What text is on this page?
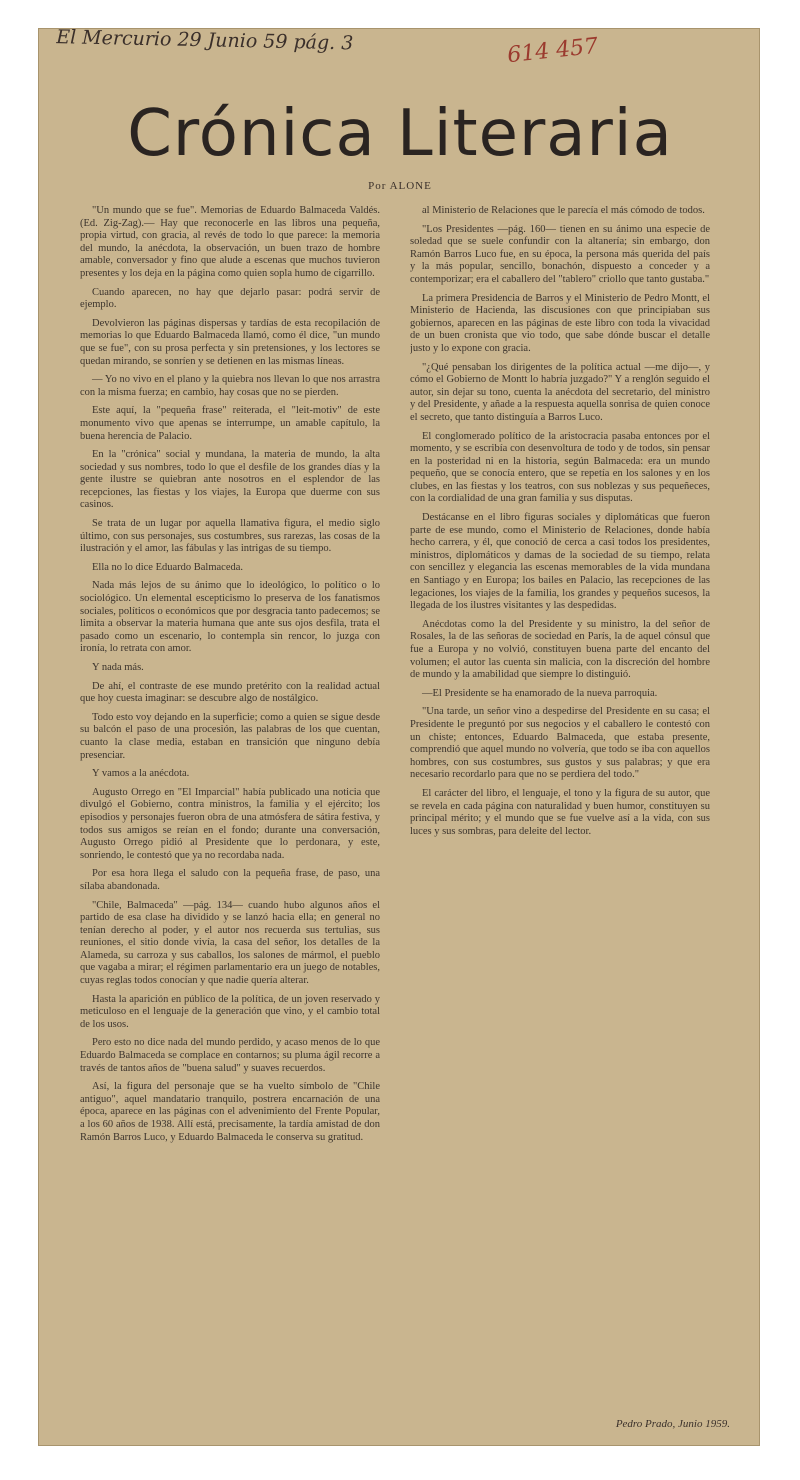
El Mercurio 29 Junio 59 pág. 3	614 457
Crónica Literaria
Por ALONE

"Un mundo que se fue". Memorias de Eduardo Balmaceda Valdés. (Ed. Zig-Zag).— Hay que reconocerle en las libros una pequeña, propia virtud, con gracia, al revés de todo lo que parece: la memoria del mundo, la anécdota, la observación, un buen trazo de hombre amable, conversador y fino que alude a escenas que muchos tuvieron presentes y los deja en la página como quien sopla humo de cigarrillo.

Cuando aparecen, no hay que dejarlo pasar: podrá servir de ejemplo.

Devolvieron las páginas dispersas y tardías de esta recopilación de memorias lo que Eduardo Balmaceda llamó, como él dice, "un mundo que se fue", con su prosa perfecta y sin pretensiones, y los lectores se quedan mirando, se sonríen y se detienen en las mismas líneas.

— Yo no vivo en el plano y la quiebra nos llevan lo que nos arrastra con la misma fuerza; en cambio, hay cosas que no se pierden.

Este aquí, la "pequeña frase" reiterada, el "leit-motiv" de este monumento vivo que apenas se interrumpe, un amable capítulo, la buena herencia de Palacio.

En la "crónica" social y mundana, la materia de mundo, la alta sociedad y sus nombres, todo lo que el desfile de los grandes días y la gente ilustre se quiebran ante nosotros en el esplendor de las recepciones, las fiestas y los viajes, la Europa que duerme con sus casinos.

Se trata de un lugar por aquella llamativa figura, el medio siglo último, con sus personajes, sus costumbres, sus rarezas, las cosas de la ilustración y el amor, las fábulas y las intrigas de su tiempo.

Ella no lo dice Eduardo Balmaceda.

Nada más lejos de su ánimo que lo ideológico, lo político o lo sociológico. Un elemental escepticismo lo preserva de los fanatismos sociales, políticos o económicos que por desgracia tanto padecemos; se limita a observar la materia humana que ante sus ojos desfila, trata el pasado como un escenario, lo contempla sin rencor, lo juzga con ironía, lo retrata con amor.

Y nada más.

De ahí, el contraste de ese mundo pretérito con la realidad actual que hoy cuesta imaginar: se descubre algo de nostálgico.

Todo esto voy dejando en la superficie; como a quien se sigue desde su balcón el paso de una procesión, las palabras de los que cuentan, cuanto la clase media, estaban en transición que ninguno debía presenciar.

Y vamos a la anécdota.

Augusto Orrego en "El Imparcial" había publicado una noticia que divulgó el Gobierno, contra ministros, la familia y el ejército; los episodios y personajes fueron obra de una atmósfera de sátira festiva, y todos sus amigos se reían en el fondo; durante una conversación, Augusto Orrego pidió al Presidente que lo perdonara, y este, sonriendo, le contestó que ya no recordaba nada.

Por esa hora llega el saludo con la pequeña frase, de paso, una sílaba abandonada.

"Chile, Balmaceda" —pág. 134— cuando hubo algunos años el partido de esa clase ha dividido y se lanzó hacia ella; en general no tenían derecho al poder, y el autor nos recuerda sus tertulias, sus reuniones, el sitio donde vivía, la casa del señor, los detalles de la Alameda, su carroza y sus caballos, los salones de mármol, el pueblo que vagaba a mirar; el régimen parlamentario era un juego de notables, cuyas reglas todos conocían y que nadie quería alterar.

Hasta la aparición en público de la política, de un joven reservado y meticuloso en el lenguaje de la generación que vino, y el cambio total de los usos.

Pero esto no dice nada del mundo perdido, y acaso menos de lo que Eduardo Balmaceda se complace en contarnos; su pluma ágil recorre a través de tantos años de "buena salud" y suaves recuerdos.

Así, la figura del personaje que se ha vuelto símbolo de "Chile antiguo", aquel mandatario tranquilo, postrera encarnación de una época, aparece en las páginas con el advenimiento del Frente Popular, a los 60 años de 1938. Allí está, precisamente, la tardía amistad de don Ramón Barros Luco, y Eduardo Balmaceda le conserva su gratitud.

al Ministerio de Relaciones que le parecía el más cómodo de todos.

"Los Presidentes —pág. 160— tienen en su ánimo una especie de soledad que se suele confundir con la altanería; sin embargo, don Ramón Barros Luco fue, en su época, la persona más querida del país y la más popular, sencillo, bonachón, dispuesto a conceder y a contemporizar; era el caballero del "tablero" criollo que tanto gustaba."

La primera Presidencia de Barros y el Ministerio de Pedro Montt, el Ministerio de Hacienda, las discusiones con que principiaban sus gobiernos, aparecen en las páginas de este libro con toda la vivacidad de un buen cronista que vio todo, que sabe dónde buscar el detalle justo y lo expone con gracia.

"¿Qué pensaban los dirigentes de la política actual —me dijo—, y cómo el Gobierno de Montt lo habría juzgado?" Y a renglón seguido el autor, sin dejar su tono, cuenta la anécdota del secretario, del ministro y del Presidente, y añade a la respuesta aquella sonrisa de quien conoce el secreto, que tanto distinguía a Barros Luco.

El conglomerado político de la aristocracia pasaba entonces por el momento, y se escribía con desenvoltura de todo y de todos, sin pensar en la posteridad ni en la historia, según Balmaceda: era un mundo pequeño, que se conocía entero, que se repetía en los salones y en los clubes, en las fiestas y los teatros, con sus noblezas y sus pequeñeces, con la cordialidad de una gran familia y sus disputas.

Destácanse en el libro figuras sociales y diplomáticas que fueron parte de ese mundo, como el Ministerio de Relaciones, donde había hecho carrera, y él, que conoció de cerca a casi todos los presidentes, ministros, diplomáticos y damas de la sociedad de su tiempo, relata con sencillez y elegancia las escenas memorables de la vida mundana en Santiago y en Europa; los bailes en Palacio, las recepciones de las legaciones, los viajes de la familia, los grandes y pequeños sucesos, la llegada de los ilustres visitantes y las despedidas.

Anécdotas como la del Presidente y su ministro, la del señor de Rosales, la de las señoras de sociedad en París, la de aquel cónsul que fue a Europa y no volvió, constituyen buena parte del encanto del volumen; el autor las cuenta sin malicia, con la discreción del hombre de mundo y la amabilidad que siempre lo distinguió.

—El Presidente se ha enamorado de la nueva parroquia.

"Una tarde, un señor vino a despedirse del Presidente en su casa; el Presidente le preguntó por sus negocios y el caballero le contestó con un chiste; entonces, Eduardo Balmaceda, que estaba presente, comprendió que aquel mundo no volvería, que todo se iba con aquellos hombres, con sus costumbres, sus gustos y sus palabras; y que era necesario recordarlo para que no se perdiera del todo."

El carácter del libro, el lenguaje, el tono y la figura de su autor, que se revela en cada página con naturalidad y buen humor, constituyen su principal mérito; y el mundo que se fue vuelve así a la vida, con sus luces y sus sombras, para deleite del lector.

Pedro Prado, Junio 1959.
